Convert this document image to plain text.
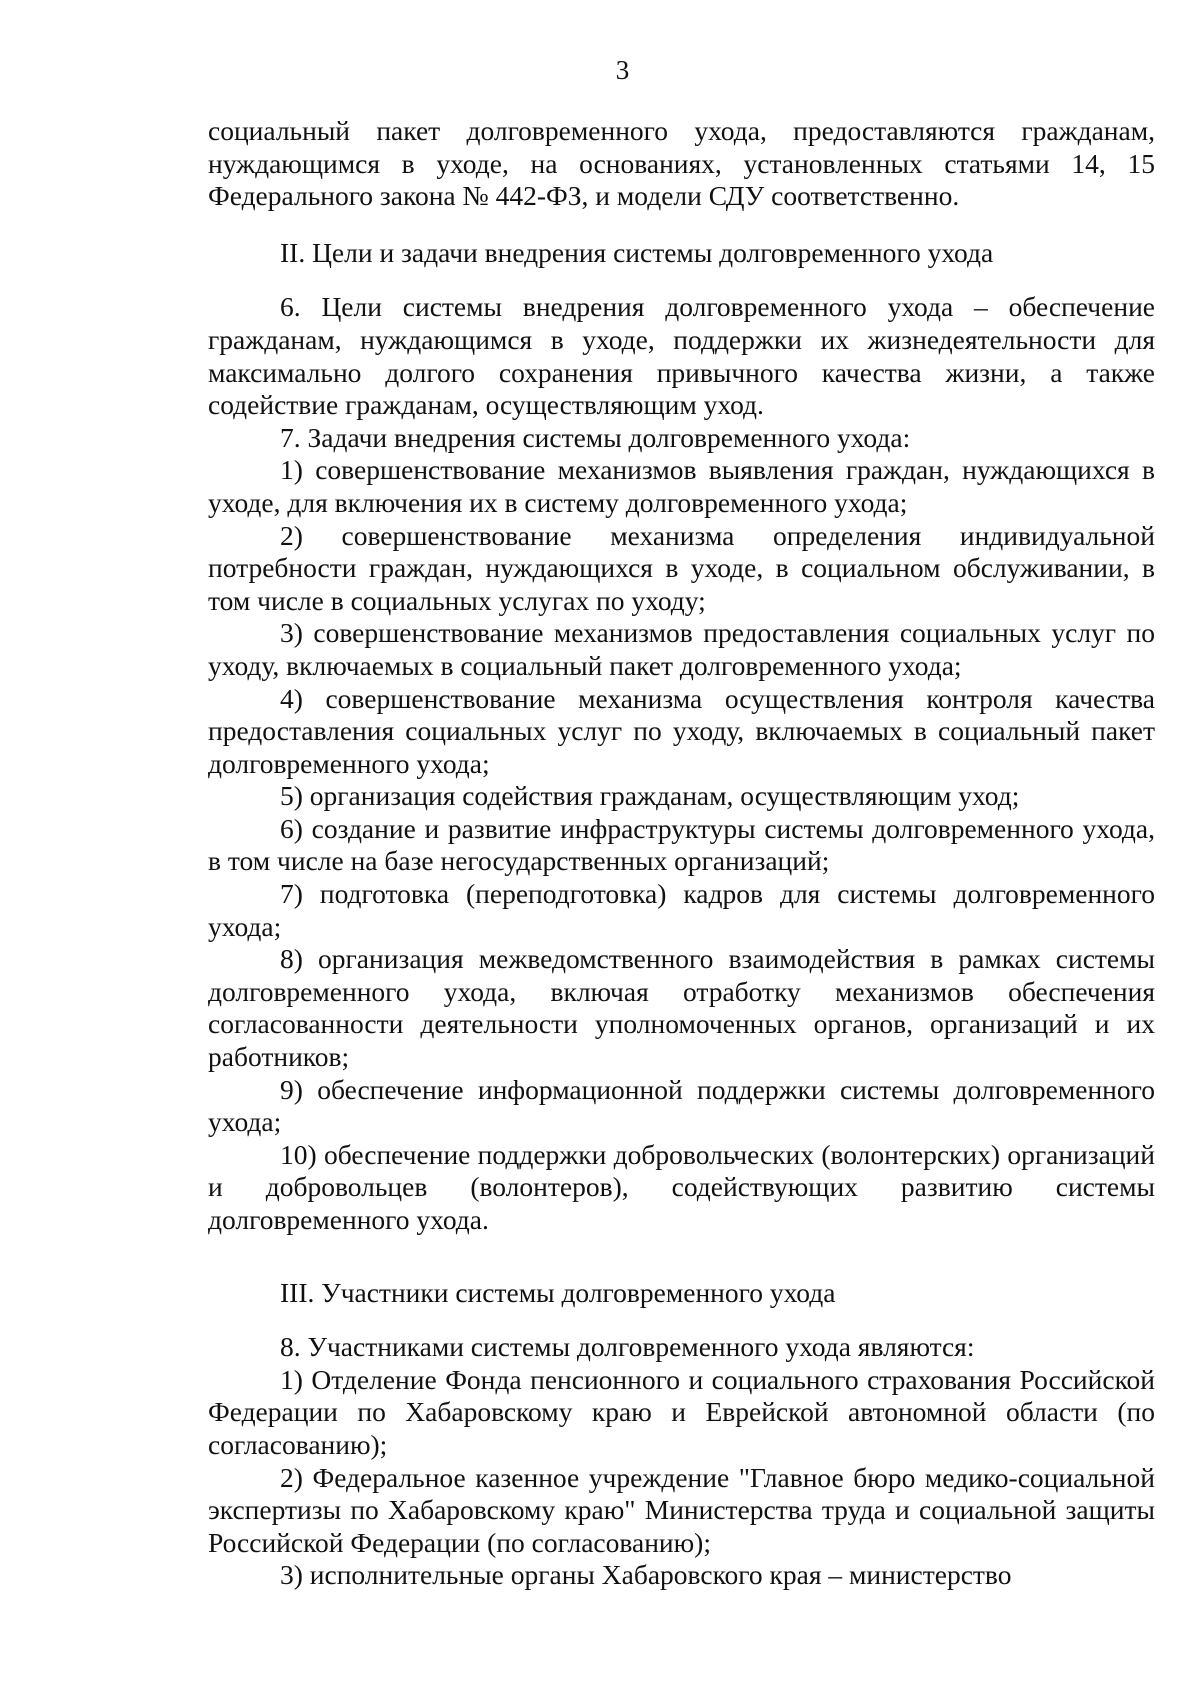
3

социальный пакет долговременного ухода, предоставляются гражданам, нуждающимся в уходе, на основаниях, установленных статьями 14, 15 Федерального закона № 442-ФЗ, и модели СДУ соответственно.

II. Цели и задачи внедрения системы долговременного ухода

6. Цели системы внедрения долговременного ухода – обеспечение гражданам, нуждающимся в уходе, поддержки их жизнедеятельности для максимально долгого сохранения привычного качества жизни, а также содействие гражданам, осуществляющим уход.

7. Задачи внедрения системы долговременного ухода:

1) совершенствование механизмов выявления граждан, нуждающихся в уходе, для включения их в систему долговременного ухода;

2) совершенствование механизма определения индивидуальной потребности граждан, нуждающихся в уходе, в социальном обслуживании, в том числе в социальных услугах по уходу;

3) совершенствование механизмов предоставления социальных услуг по уходу, включаемых в социальный пакет долговременного ухода;

4) совершенствование механизма осуществления контроля качества предоставления социальных услуг по уходу, включаемых в социальный пакет долговременного ухода;

5) организация содействия гражданам, осуществляющим уход;

6) создание и развитие инфраструктуры системы долговременного ухода, в том числе на базе негосударственных организаций;

7) подготовка (переподготовка) кадров для системы долговременного ухода;

8) организация межведомственного взаимодействия в рамках системы долговременного ухода, включая отработку механизмов обеспечения согласованности деятельности уполномоченных органов, организаций и их работников;

9) обеспечение информационной поддержки системы долговременного ухода;

10) обеспечение поддержки добровольческих (волонтерских) организаций и добровольцев (волонтеров), содействующих развитию системы долговременного ухода.

III. Участники системы долговременного ухода

8. Участниками системы долговременного ухода являются:

1) Отделение Фонда пенсионного и социального страхования Российской Федерации по Хабаровскому краю и Еврейской автономной области (по согласованию);

2) Федеральное казенное учреждение "Главное бюро медико-социальной экспертизы по Хабаровскому краю" Министерства труда и социальной защиты Российской Федерации (по согласованию);

3) исполнительные органы Хабаровского края – министерство
